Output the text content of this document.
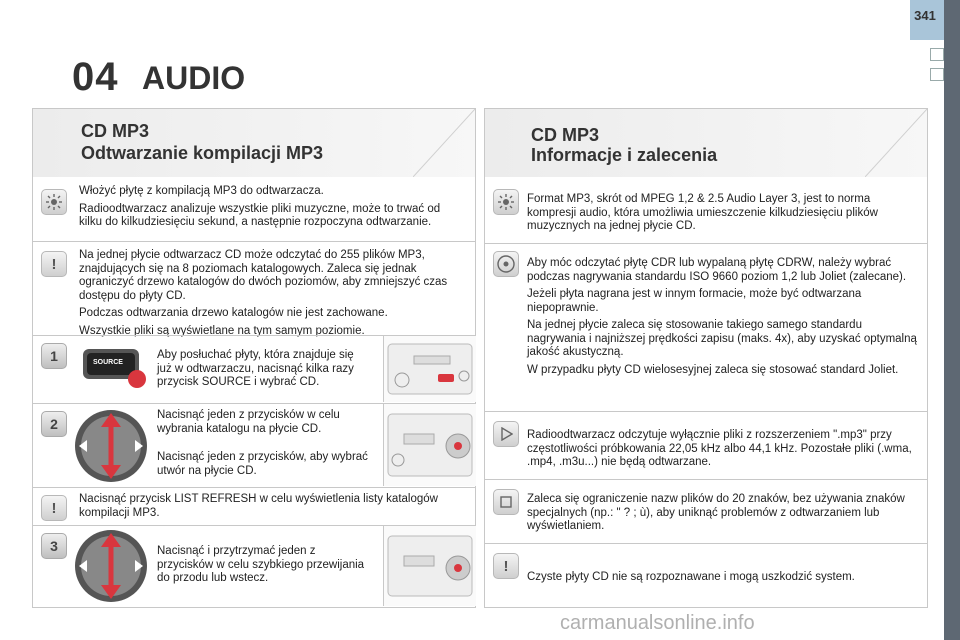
341
04 AUDIO
CD MP3
Odtwarzanie kompilacji MP3

Włożyć płytę z kompilacją MP3 do odtwarzacza.

Radioodtwarzacz analizuje wszystkie pliki muzyczne, może to trwać od kilku do kilkudziesięciu sekund, a następnie rozpoczyna odtwarzanie.

!

Na jednej płycie odtwarzacz CD może odczytać do 255 plików MP3, znajdujących się na 8 poziomach katalogowych. Zaleca się jednak ograniczyć drzewo katalogów do dwóch poziomów, aby zmniejszyć czas dostępu do płyty CD.

Podczas odtwarzania drzewo katalogów nie jest zachowane.

Wszystkie pliki są wyświetlane na tym samym poziomie.

1	SOURCE
Aby posłuchać płyty, która znajduje się już w odtwarzaczu, nacisnąć kilka razy przycisk SOURCE i wybrać CD.
2
Nacisnąć jeden z przycisków w celu wybrania katalogu na płycie CD.
Nacisnąć jeden z przycisków, aby wybrać utwór na płycie CD.
!
Nacisnąć przycisk LIST REFRESH w celu wyświetlenia listy katalogów kompilacji MP3.
3	Nacisnąć i przytrzymać jeden z przycisków w celu szybkiego przewijania do przodu lub wstecz.
CD MP3
Informacje i zalecenia
Format MP3, skrót od MPEG 1,2 & 2.5 Audio Layer 3, jest to norma kompresji audio, która umożliwia umieszczenie kilkudziesięciu plików muzycznych na jednej płycie CD.

Aby móc odczytać płytę CDR lub wypalaną płytę CDRW, należy wybrać podczas nagrywania standardu ISO 9660 poziom 1,2 lub Joliet (zalecane).

Jeżeli płyta nagrana jest w innym formacie, może być odtwarzana niepoprawnie.

Na jednej płycie zaleca się stosowanie takiego samego standardu nagrywania i najniższej prędkości zapisu (maks. 4x), aby uzyskać optymalną jakość akustyczną.

W przypadku płyty CD wielosesyjnej zaleca się stosować standard Joliet.

Radioodtwarzacz odczytuje wyłącznie pliki z rozszerzeniem ".mp3" przy częstotliwości próbkowania 22,05 kHz albo 44,1 kHz. Pozostałe pliki (.wma, .mp4, .m3u...) nie będą odtwarzane.
Zaleca się ograniczenie nazw plików do 20 znaków, bez używania znaków specjalnych (np.: " ? ; ù), aby uniknąć problemów z odtwarzaniem lub wyświetlaniem.
!
Czyste płyty CD nie są rozpoznawane i mogą uszkodzić system.
carmanualsonline.info
